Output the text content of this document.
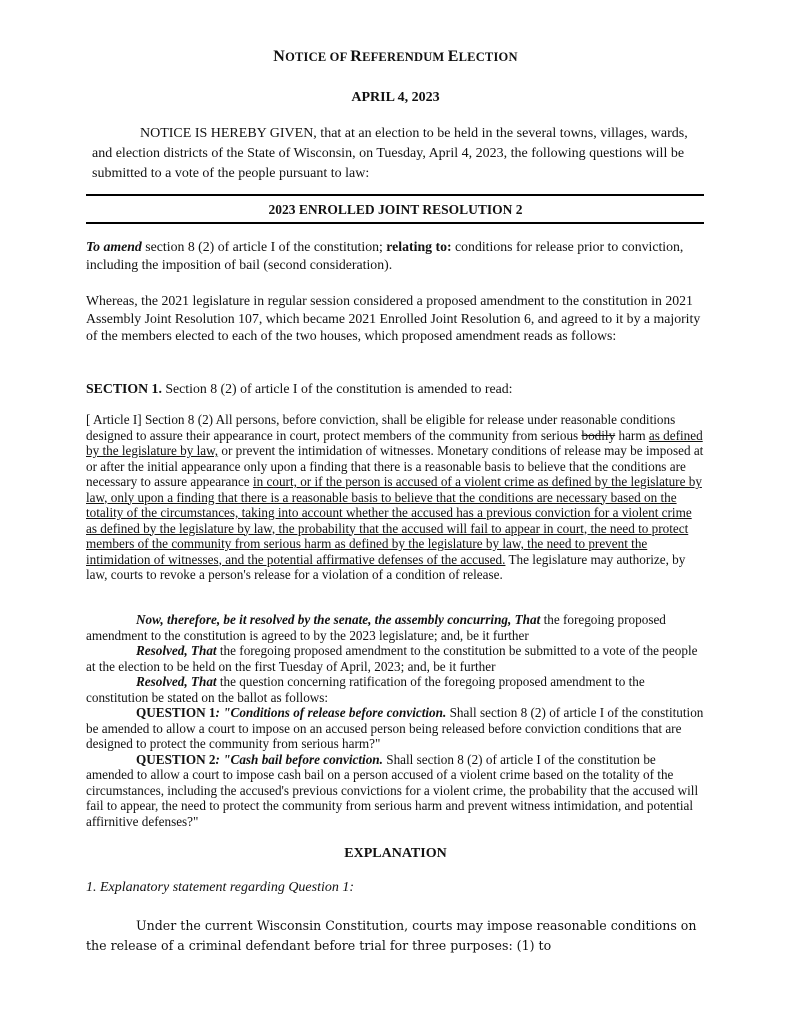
NOTICE OF REFERENDUM ELECTION
APRIL 4, 2023
NOTICE IS HEREBY GIVEN, that at an election to be held in the several towns, villages, wards, and election districts of the State of Wisconsin, on Tuesday, April 4, 2023, the following questions will be submitted to a vote of the people pursuant to law:
2023 ENROLLED JOINT RESOLUTION 2
To amend section 8 (2) of article I of the constitution; relating to: conditions for release prior to conviction, including the imposition of bail (second consideration).
Whereas, the 2021 legislature in regular session considered a proposed amendment to the constitution in 2021 Assembly Joint Resolution 107, which became 2021 Enrolled Joint Resolution 6, and agreed to it by a majority of the members elected to each of the two houses, which proposed amendment reads as follows:
SECTION 1. Section 8 (2) of article I of the constitution is amended to read:
[ Article I] Section 8 (2) All persons, before conviction, shall be eligible for release under reasonable conditions designed to assure their appearance in court, protect members of the community from serious bodily harm as defined by the legislature by law, or prevent the intimidation of witnesses. Monetary conditions of release may be imposed at or after the initial appearance only upon a finding that there is a reasonable basis to believe that the conditions are necessary to assure appearance in court, or if the person is accused of a violent crime as defined by the legislature by law, only upon a finding that there is a reasonable basis to believe that the conditions are necessary based on the totality of the circumstances, taking into account whether the accused has a previous conviction for a violent crime as defined by the legislature by law, the probability that the accused will fail to appear in court, the need to protect members of the community from serious harm as defined by the legislature by law, the need to prevent the intimidation of witnesses, and the potential affirmative defenses of the accused. The legislature may authorize, by law, courts to revoke a person's release for a violation of a condition of release.
Now, therefore, be it resolved by the senate, the assembly concurring, That the foregoing proposed amendment to the constitution is agreed to by the 2023 legislature; and, be it further
Resolved, That the foregoing proposed amendment to the constitution be submitted to a vote of the people at the election to be held on the first Tuesday of April, 2023; and, be it further
Resolved, That the question concerning ratification of the foregoing proposed amendment to the constitution be stated on the ballot as follows:
QUESTION 1: "Conditions of release before conviction. Shall section 8 (2) of article I of the constitution be amended to allow a court to impose on an accused person being released before conviction conditions that are designed to protect the community from serious harm?"
QUESTION 2: "Cash bail before conviction. Shall section 8 (2) of article I of the constitution be amended to allow a court to impose cash bail on a person accused of a violent crime based on the totality of the circumstances, including the accused's previous convictions for a violent crime, the probability that the accused will fail to appear, the need to protect the community from serious harm and prevent witness intimidation, and potential affirnitive defenses?"
EXPLANATION
1. Explanatory statement regarding Question 1:
Under the current Wisconsin Constitution, courts may impose reasonable conditions on the release of a criminal defendant before trial for three purposes: (1) to
